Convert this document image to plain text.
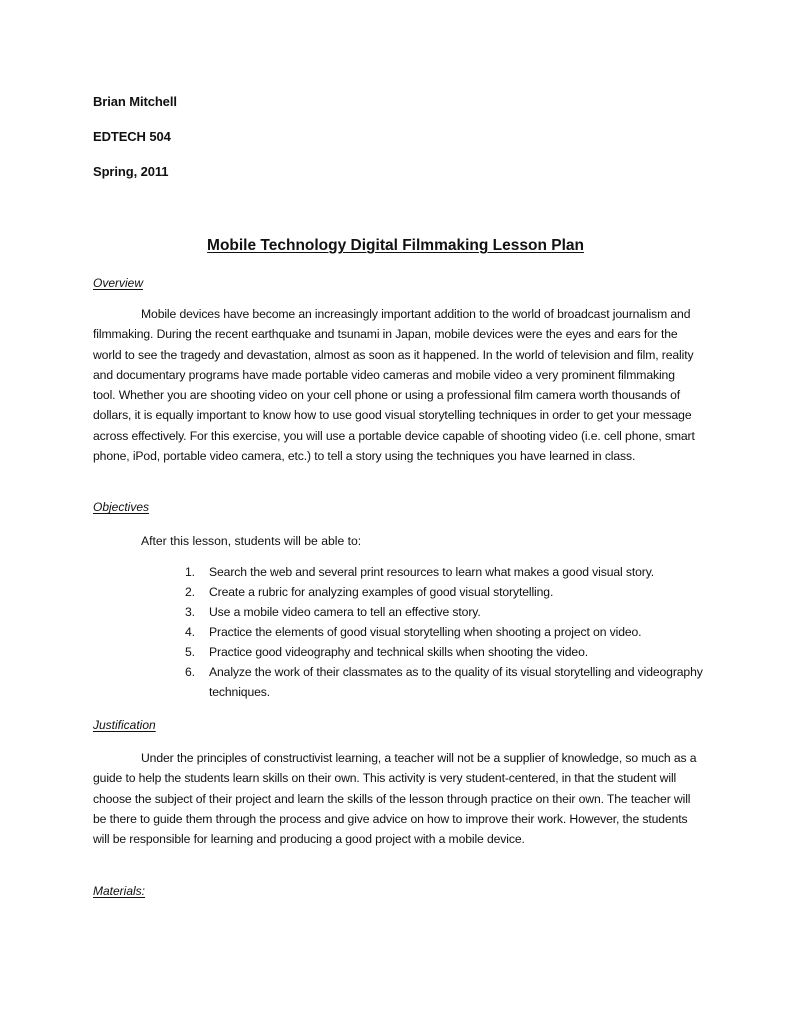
Brian Mitchell
EDTECH 504
Spring, 2011
Mobile Technology Digital Filmmaking Lesson Plan
Overview

Mobile devices have become an increasingly important addition to the world of broadcast journalism and filmmaking. During the recent earthquake and tsunami in Japan, mobile devices were the eyes and ears for the world to see the tragedy and devastation, almost as soon as it happened. In the world of television and film, reality and documentary programs have made portable video cameras and mobile video a very prominent filmmaking tool. Whether you are shooting video on your cell phone or using a professional film camera worth thousands of dollars, it is equally important to know how to use good visual storytelling techniques in order to get your message across effectively. For this exercise, you will use a portable device capable of shooting video (i.e. cell phone, smart phone, iPod, portable video camera, etc.) to tell a story using the techniques you have learned in class.

Objectives
After this lesson, students will be able to:
1. Search the web and several print resources to learn what makes a good visual story.
2. Create a rubric for analyzing examples of good visual storytelling.
3. Use a mobile video camera to tell an effective story.
4. Practice the elements of good visual storytelling when shooting a project on video.
5. Practice good videography and technical skills when shooting the video.
6. Analyze the work of their classmates as to the quality of its visual storytelling and videography techniques.
Justification

Under the principles of constructivist learning, a teacher will not be a supplier of knowledge, so much as a guide to help the students learn skills on their own. This activity is very student-centered, in that the student will choose the subject of their project and learn the skills of the lesson through practice on their own. The teacher will be there to guide them through the process and give advice on how to improve their work. However, the students will be responsible for learning and producing a good project with a mobile device.

Materials:
